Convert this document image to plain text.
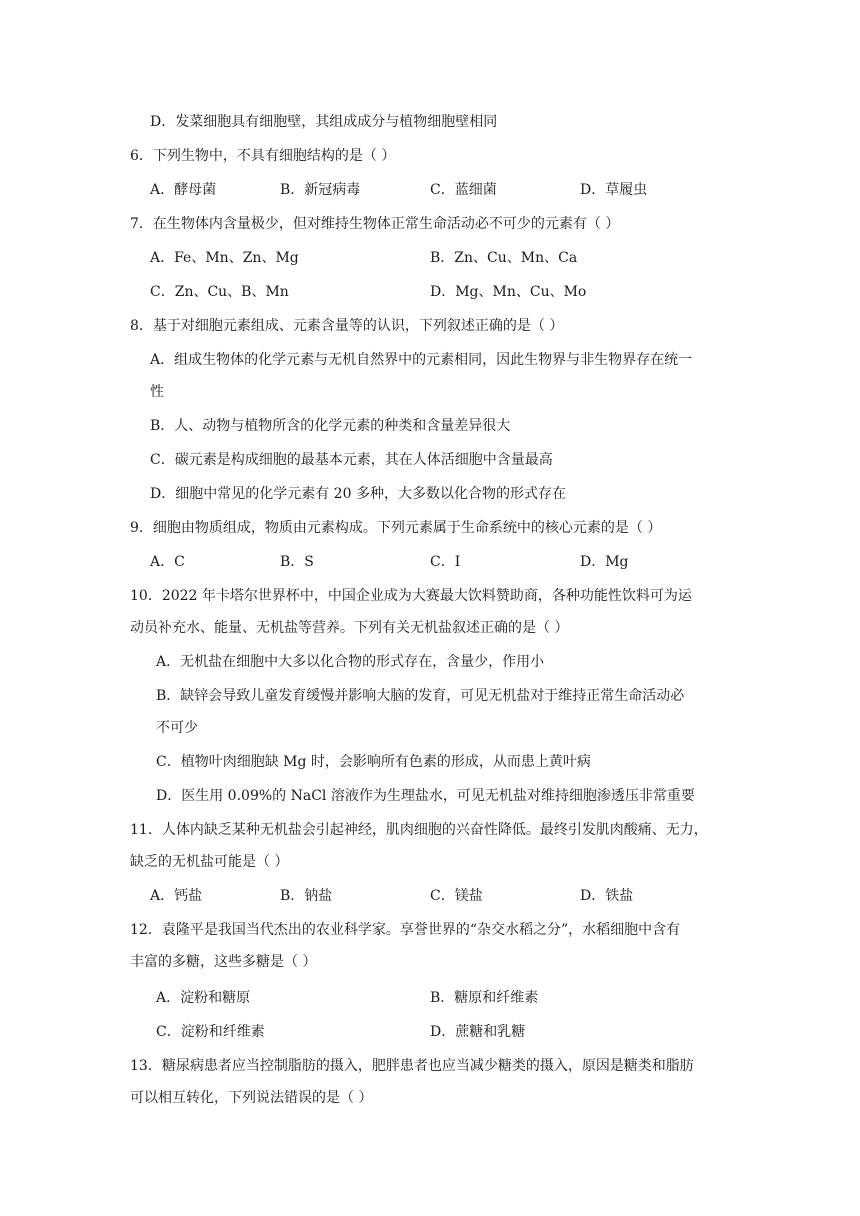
D．发菜细胞具有细胞壁，其组成成分与植物细胞壁相同
6．下列生物中，不具有细胞结构的是（ ）
A．酵母菌	B．新冠病毒	C．蓝细菌	D．草履虫
7．在生物体内含量极少，但对维持生物体正常生命活动必不可少的元素有（ ）
A．Fe、Mn、Zn、Mg	B．Zn、Cu、Mn、Ca
C．Zn、Cu、B、Mn	D．Mg、Mn、Cu、Mo
8．基于对细胞元素组成、元素含量等的认识，下列叙述正确的是（ ）
A．组成生物体的化学元素与无机自然界中的元素相同，因此生物界与非生物界存在统一
性
B．人、动物与植物所含的化学元素的种类和含量差异很大
C．碳元素是构成细胞的最基本元素，其在人体活细胞中含量最高
D．细胞中常见的化学元素有 20 多种，大多数以化合物的形式存在
9．细胞由物质组成，物质由元素构成。下列元素属于生命系统中的核心元素的是（ ）
A．C	B．S	C．I	D．Mg
10．2022 年卡塔尔世界杯中，中国企业成为大赛最大饮料赞助商，各种功能性饮料可为运
动员补充水、能量、无机盐等营养。下列有关无机盐叙述正确的是（ ）
A．无机盐在细胞中大多以化合物的形式存在，含量少，作用小
B．缺锌会导致儿童发育缓慢并影响大脑的发育，可见无机盐对于维持正常生命活动必
不可少
C．植物叶肉细胞缺 Mg 时，会影响所有色素的形成，从而患上黄叶病
D．医生用 0.09%的 NaCl 溶液作为生理盐水，可见无机盐对维持细胞渗透压非常重要
11．人体内缺乏某种无机盐会引起神经，肌肉细胞的兴奋性降低。最终引发肌肉酸痛、无力，
缺乏的无机盐可能是（ ）
A．钙盐	B．钠盐	C．镁盐	D．铁盐
12．袁隆平是我国当代杰出的农业科学家。享誉世界的“杂交水稻之分”，水稻细胞中含有
丰富的多糖，这些多糖是（ ）
A．淀粉和糖原	B．糖原和纤维素
C．淀粉和纤维素	D．蔗糖和乳糖
13．糖尿病患者应当控制脂肪的摄入，肥胖患者也应当减少糖类的摄入，原因是糖类和脂肪
可以相互转化，下列说法错误的是（ ）
